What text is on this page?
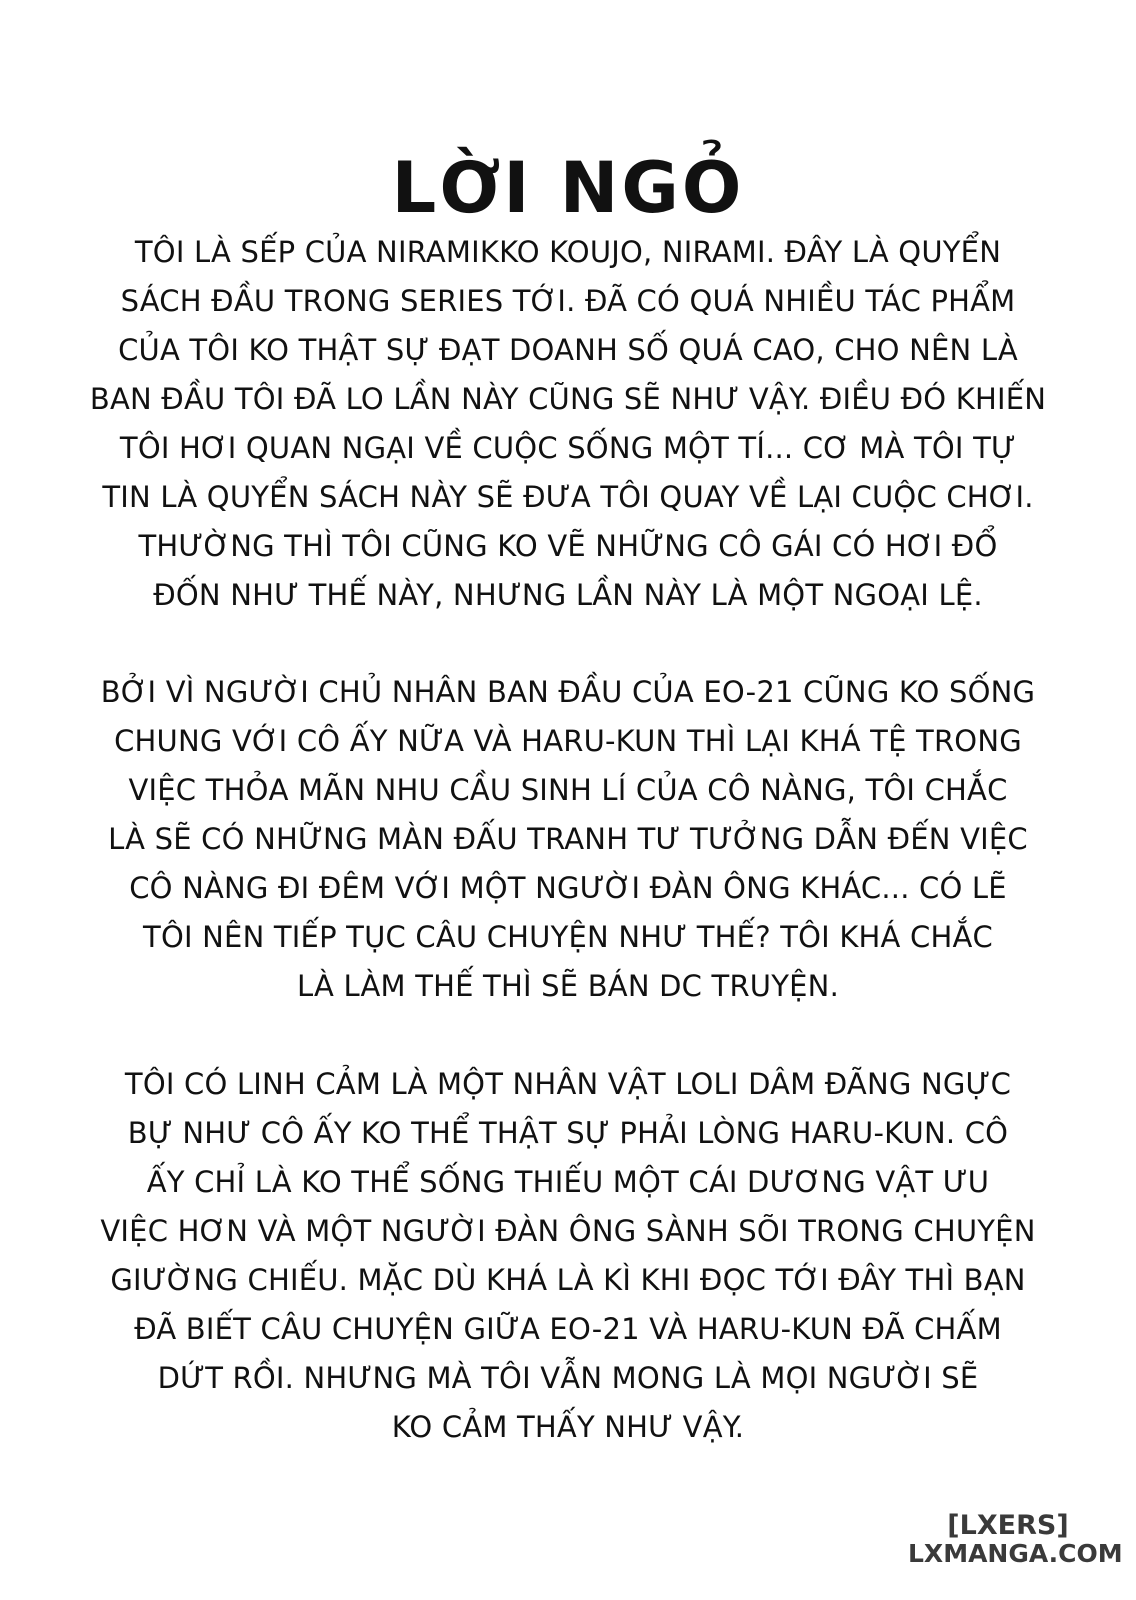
LỜI NGỎ
TÔI LÀ SẾP CỦA NIRAMIKKO KOUJO, NIRAMI. ĐÂY LÀ QUYỂN
SÁCH ĐẦU TRONG SERIES TỚI. ĐÃ CÓ QUÁ NHIỀU TÁC PHẨM
CỦA TÔI KO THẬT SỰ ĐẠT DOANH SỐ QUÁ CAO, CHO NÊN LÀ
BAN ĐẦU TÔI ĐÃ LO LẦN NÀY CŨNG SẼ NHƯ VẬY. ĐIỀU ĐÓ KHIẾN
TÔI HƠI QUAN NGẠI VỀ CUỘC SỐNG MỘT TÍ... CƠ MÀ TÔI TỰ
TIN LÀ QUYỂN SÁCH NÀY SẼ ĐƯA TÔI QUAY VỀ LẠI CUỘC CHƠI.
THƯỜNG THÌ TÔI CŨNG KO VẼ NHỮNG CÔ GÁI CÓ HƠI ĐỔ
ĐỐN NHƯ THẾ NÀY, NHƯNG LẦN NÀY LÀ MỘT NGOẠI LỆ.
BỞI VÌ NGƯỜI CHỦ NHÂN BAN ĐẦU CỦA EO-21 CŨNG KO SỐNG
CHUNG VỚI CÔ ẤY NỮA VÀ HARU-KUN THÌ LẠI KHÁ TỆ TRONG
VIỆC THỎA MÃN NHU CẦU SINH LÍ CỦA CÔ NÀNG, TÔI CHẮC
LÀ SẼ CÓ NHỮNG MÀN ĐẤU TRANH TƯ TƯỞNG DẪN ĐẾN VIỆC
CÔ NÀNG ĐI ĐÊM VỚI MỘT NGƯỜI ĐÀN ÔNG KHÁC... CÓ LẼ
TÔI NÊN TIẾP TỤC CÂU CHUYỆN NHƯ THẾ? TÔI KHÁ CHẮC
LÀ LÀM THẾ THÌ SẼ BÁN DC TRUYỆN.
TÔI CÓ LINH CẢM LÀ MỘT NHÂN VẬT LOLI DÂM ĐÃNG NGỰC
BỰ NHƯ CÔ ẤY KO THỂ THẬT SỰ PHẢI LÒNG HARU-KUN. CÔ
ẤY CHỈ LÀ KO THỂ SỐNG THIẾU MỘT CÁI DƯƠNG VẬT ƯU
VIỆC HƠN VÀ MỘT NGƯỜI ĐÀN ÔNG SÀNH SÕI TRONG CHUYỆN
GIƯỜNG CHIẾU. MẶC DÙ KHÁ LÀ KÌ KHI ĐỌC TỚI ĐÂY THÌ BẠN
ĐÃ BIẾT CÂU CHUYỆN GIỮA EO-21 VÀ HARU-KUN ĐÃ CHẤM
DỨT RỒI. NHƯNG MÀ TÔI VẪN MONG LÀ MỌI NGƯỜI SẼ
KO CẢM THẤY NHƯ VẬY.
[LXERS]
LXMANGA.COM
